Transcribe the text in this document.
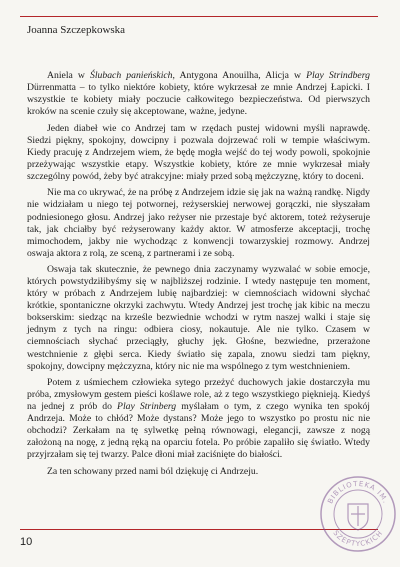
Joanna Szczepkowska

Aniela w Ślubach panieńskich, Antygona Anouilha, Alicja w Play Strindberg Dürrenmatta – to tylko niektóre kobiety, które wykrzesał ze mnie Andrzej Łapicki. I wszystkie te kobiety miały poczucie całkowitego bezpieczeństwa. Od pierwszych kroków na scenie czuły się akceptowane, ważne, jedyne.

Jeden diabeł wie co Andrzej tam w rzędach pustej widowni myśli naprawdę. Siedzi piękny, spokojny, dowcipny i pozwala dojrzewać roli w tempie właściwym. Kiedy pracuję z Andrzejem wiem, że będę mogła wejść do tej wody powoli, spokojnie przeżywając wszystkie etapy. Wszystkie kobiety, które ze mnie wykrzesał miały szczególny powód, żeby być atrakcyjne: miały przed sobą mężczyznę, który to doceni.

Nie ma co ukrywać, że na próbę z Andrzejem idzie się jak na ważną randkę. Nigdy nie widziałam u niego tej potwornej, reżyserskiej nerwowej gorączki, nie słyszałam podniesionego głosu. Andrzej jako reżyser nie przestaje być aktorem, toteż reżyseruje tak, jak chciałby być reżyserowany każdy aktor. W atmosferze akceptacji, trochę mimochodem, jakby nie wychodząc z konwencji towarzyskiej rozmowy. Andrzej oswaja aktora z rolą, ze sceną, z partnerami i ze sobą.

Oswaja tak skutecznie, że pewnego dnia zaczynamy wyzwalać w sobie emocje, których powstydziłibyśmy się w najbliższej rodzinie. I wtedy następuje ten moment, który w próbach z Andrzejem lubię najbardziej: w ciemnościach widowni słychać krótkie, spontaniczne okrzyki zachwytu. Wtedy Andrzej jest trochę jak kibic na meczu bokserskim: siedząc na krześle bezwiednie wchodzi w rytm naszej walki i staje się jednym z tych na ringu: odbiera ciosy, nokautuje. Ale nie tylko. Czasem w ciemnościach słychać przeciągły, głuchy jęk. Głośne, bezwiedne, przerażone westchnienie z głębi serca. Kiedy światło się zapala, znowu siedzi tam piękny, spokojny, dowcipny mężczyzna, który nic nie ma wspólnego z tym westchnieniem.

Potem z uśmiechem człowieka sytego przeżyć duchowych jakie dostarczyła mu próba, zmysłowym gestem pieści koślawe role, aż z tego wszystkiego pięknieją. Kiedyś na jednej z prób do Play Strinberg myślałam o tym, z czego wynika ten spokój Andrzeja. Może to chłód? Może dystans? Może jego to wszystko po prostu nic nie obchodzi? Zerkałam na tę sylwetkę pełną równowagi, elegancji, zawsze z nogą założoną na nogę, z jedną ręką na oparciu fotela. Po próbie zapaliło się światło. Wtedy przyjrzałam się tej twarzy. Palce dłoni miał zaciśnięte do białości.

Za ten schowany przed nami ból dziękuję ci Andrzeju.

10
BIBLIOTEKA IM.
SZEPTYCKICH
